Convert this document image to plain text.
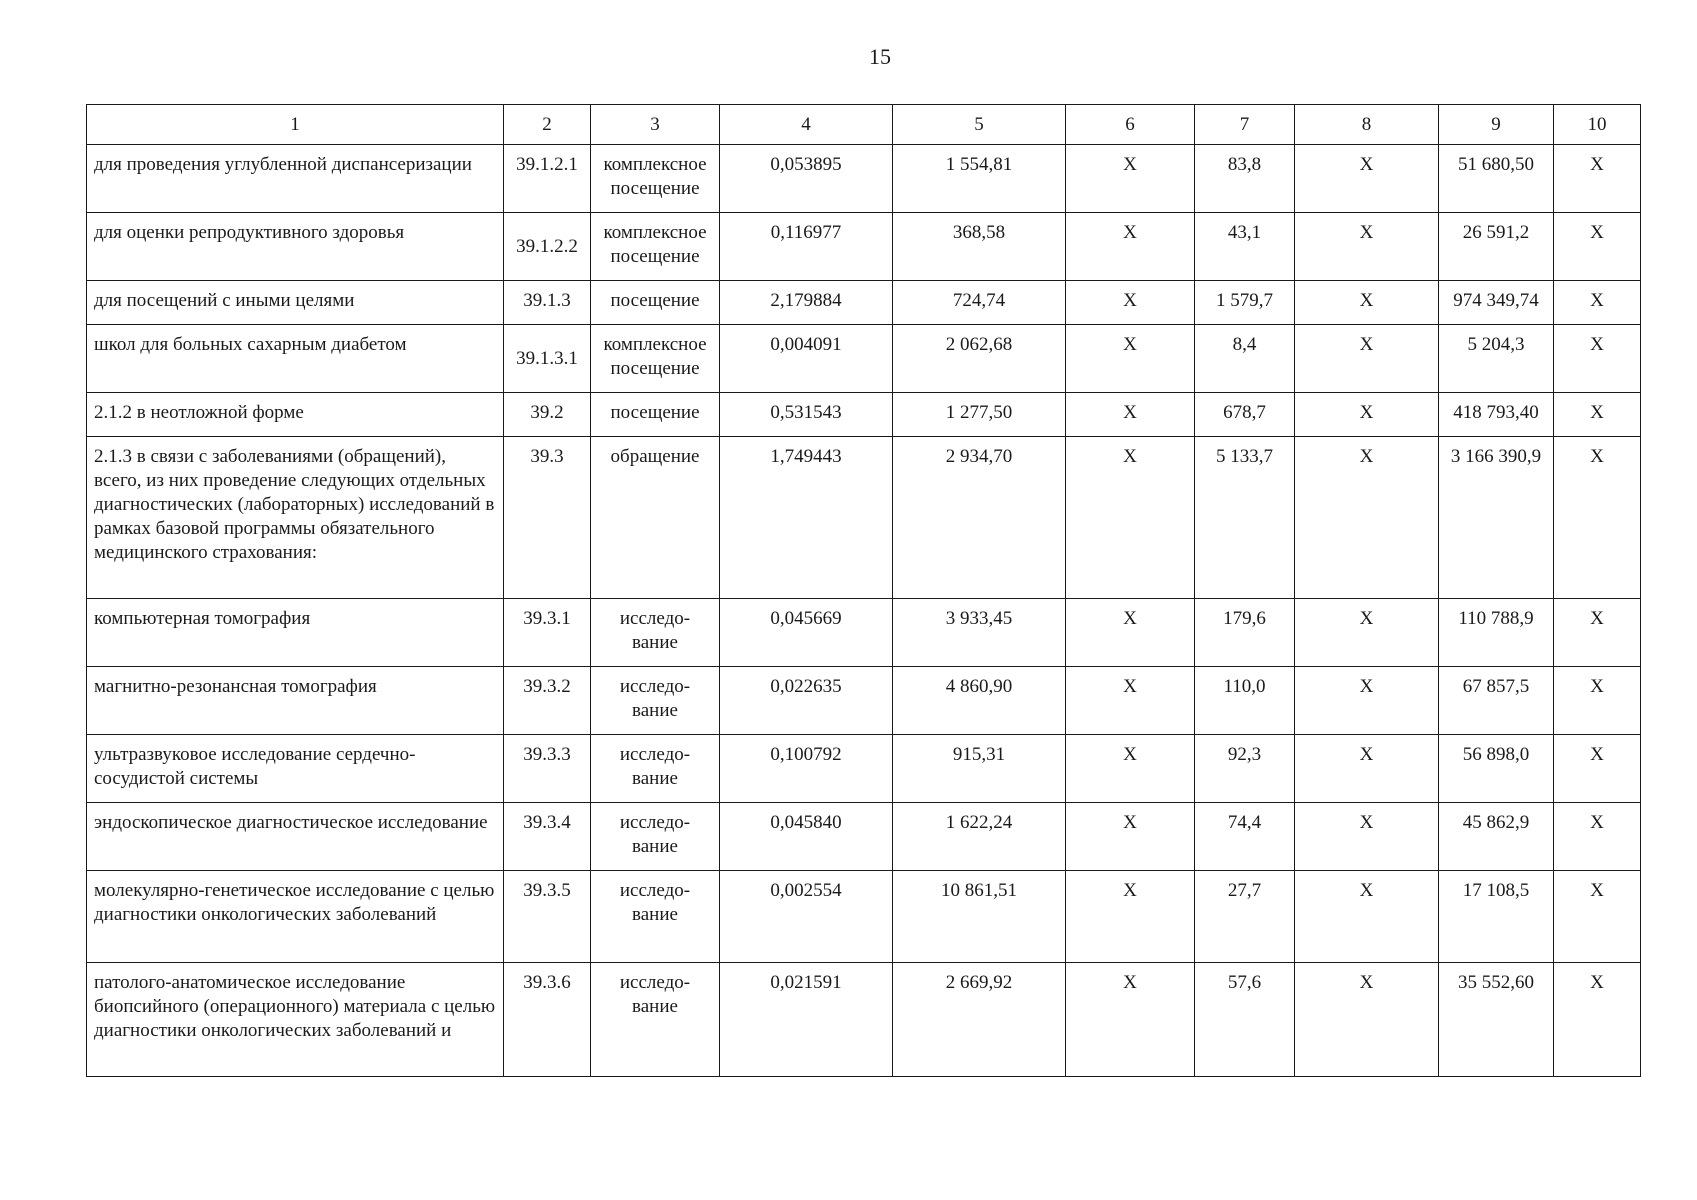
15
1	2	3	4	5	6	7	8	9	10
для проведения углубленной диспансеризации	39.1.2.1	комплексное посещение	0,053895	1 554,81	Х	83,8	Х	51 680,50	Х
для оценки репродуктивного здоровья	39.1.2.2	комплексное посещение	0,116977	368,58	Х	43,1	Х	26 591,2	Х
для посещений с иными целями	39.1.3	посещение	2,179884	724,74	Х	1 579,7	Х	974 349,74	Х
школ для больных сахарным диабетом	39.1.3.1	комплексное посещение	0,004091	2 062,68	Х	8,4	Х	5 204,3	Х
2.1.2 в неотложной форме	39.2	посещение	0,531543	1 277,50	Х	678,7	Х	418 793,40	Х
2.1.3 в связи с заболеваниями (обращений), всего, из них проведение следующих отдельных диагностических (лабораторных) исследований в рамках базовой программы обязательного медицинского страхования:	39.3	обращение	1,749443	2 934,70	Х	5 133,7	Х	3 166 390,9	Х
компьютерная томография	39.3.1	исследо-вание	0,045669	3 933,45	Х	179,6	Х	110 788,9	Х
магнитно-резонансная томография	39.3.2	исследо-вание	0,022635	4 860,90	Х	110,0	Х	67 857,5	Х
ультразвуковое исследование сердечно-сосудистой системы	39.3.3	исследо-вание	0,100792	915,31	Х	92,3	Х	56 898,0	Х
эндоскопическое диагностическое исследование	39.3.4	исследо-вание	0,045840	1 622,24	Х	74,4	Х	45 862,9	Х
молекулярно-генетическое исследование с целью диагностики онкологических заболеваний	39.3.5	исследо-вание	0,002554	10 861,51	Х	27,7	Х	17 108,5	Х
патолого-анатомическое исследование биопсийного (операционного) материала с целью диагностики онкологических заболеваний и	39.3.6	исследо-вание	0,021591	2 669,92	Х	57,6	Х	35 552,60	Х
